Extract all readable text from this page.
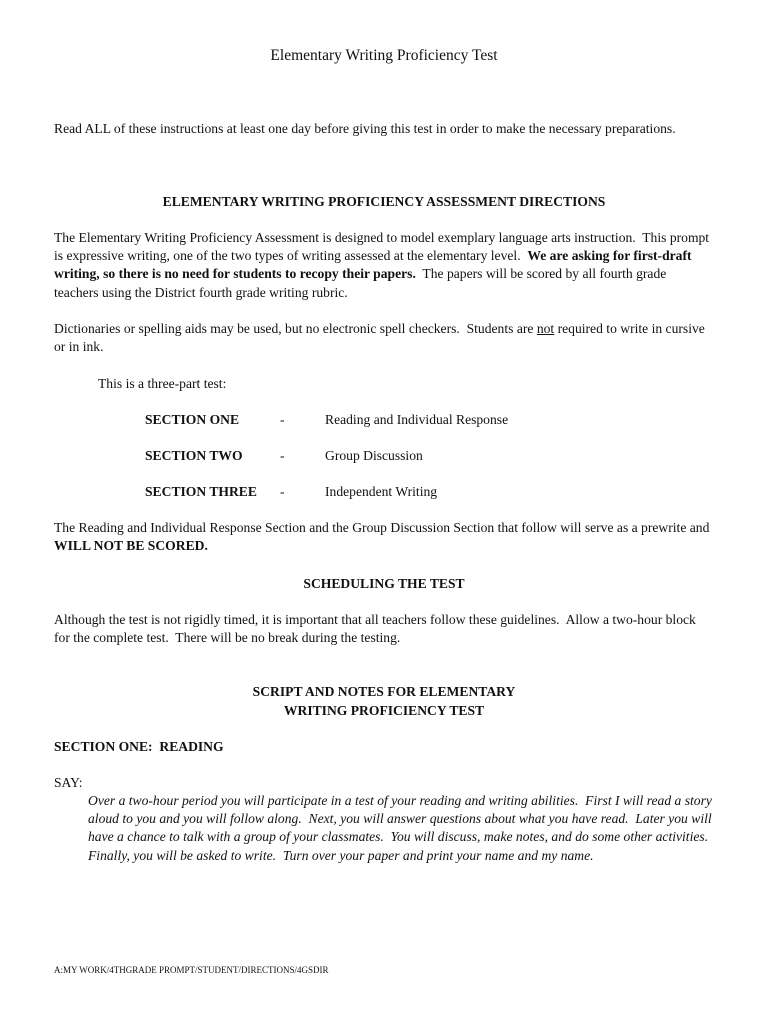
Elementary Writing Proficiency Test

Read ALL of these instructions at least one day before giving this test in order to make the necessary preparations.

ELEMENTARY WRITING PROFICIENCY ASSESSMENT DIRECTIONS

The Elementary Writing Proficiency Assessment is designed to model exemplary language arts instruction.  This prompt is expressive writing, one of the two types of writing assessed at the elementary level.  We are asking for first-draft writing, so there is no need for students to recopy their papers.  The papers will be scored by all fourth grade teachers using the District fourth grade writing rubric.

Dictionaries or spelling aids may be used, but no electronic spell checkers.  Students are not required to write in cursive or in ink.

This is a three-part test:
SECTION ONE	-	Reading and Individual Response
SECTION TWO	-	Group Discussion
SECTION THREE -	Independent Writing

The Reading and Individual Response Section and the Group Discussion Section that follow will serve as a prewrite and WILL NOT BE SCORED.

SCHEDULING THE TEST

Although the test is not rigidly timed, it is important that all teachers follow these guidelines.  Allow a two-hour block for the complete test.  There will be no break during the testing.

SCRIPT AND NOTES FOR ELEMENTARY
WRITING PROFICIENCY TEST
SECTION ONE:  READING
SAY:

Over a two-hour period you will participate in a test of your reading and writing abilities.  First I will read a story aloud to you and you will follow along.  Next, you will answer questions about what you have read.  Later you will have a chance to talk with a group of your classmates.  You will discuss, make notes, and do some other activities.  Finally, you will be asked to write.  Turn over your paper and print your name and my name.

A:MY WORK/4THGRADE PROMPT/STUDENT/DIRECTIONS/4GSDIR
